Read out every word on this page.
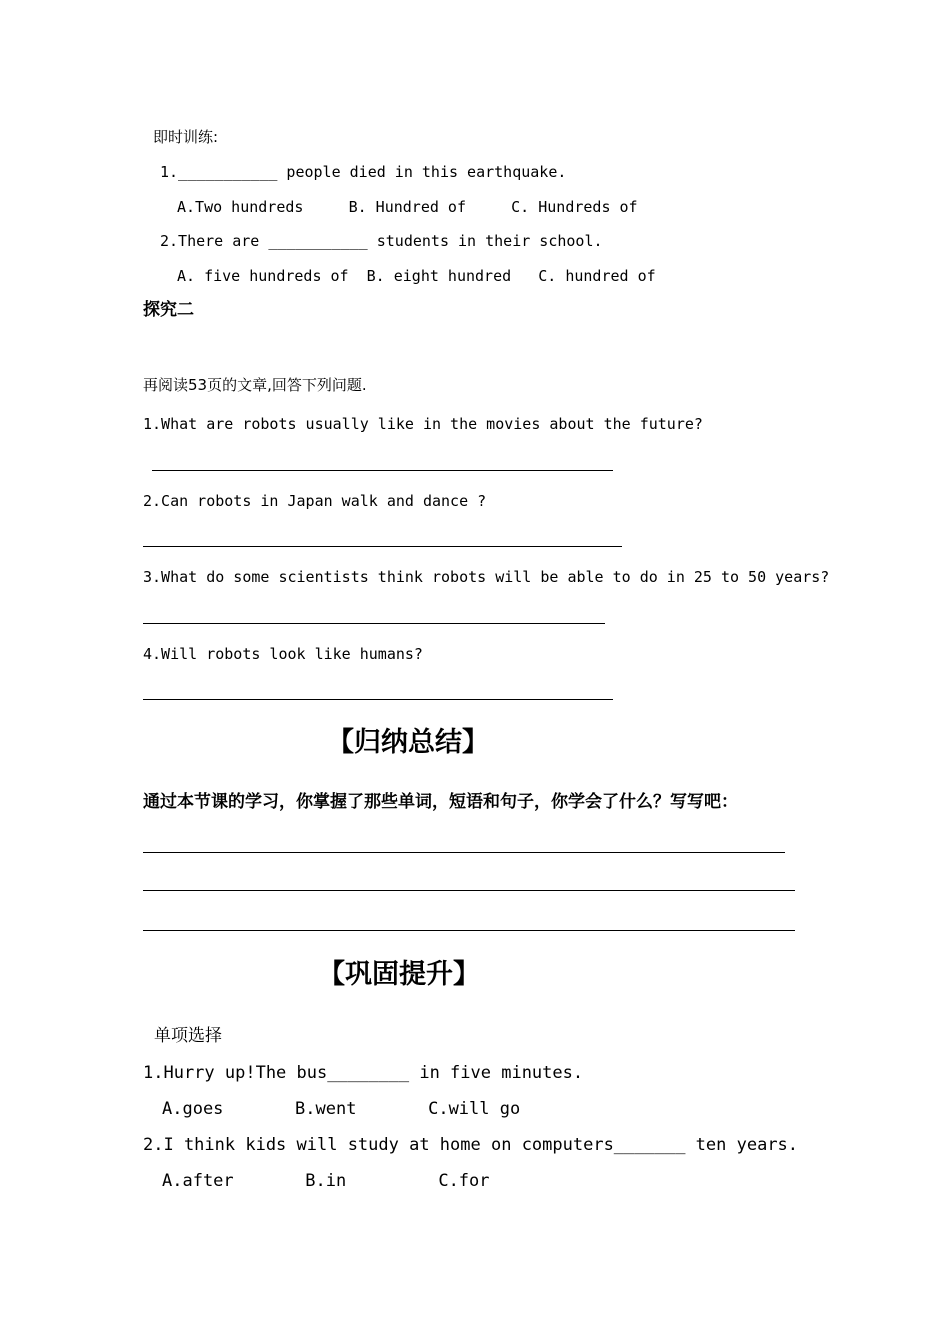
即时训练:
1.___________ people died in this earthquake.
A.Two hundreds     B. Hundred of     C. Hundreds of
2.There are ___________ students in their school.
A. five hundreds of  B. eight hundred   C. hundred of
探究二
再阅读53页的文章,回答下列问题.
1.What are robots usually like in the movies about the future?
2.Can robots in Japan walk and dance ?
3.What do some scientists think robots will be able to do in 25 to 50 years?
4.Will robots look like humans?
【归纳总结】
通过本节课的学习，你掌握了那些单词，短语和句子，你学会了什么？写写吧：
【巩固提升】
单项选择
1.Hurry up!The bus________ in five minutes.
A.goes       B.went       C.will go
2.I think kids will study at home on computers_______ ten years.
A.after       B.in         C.for
